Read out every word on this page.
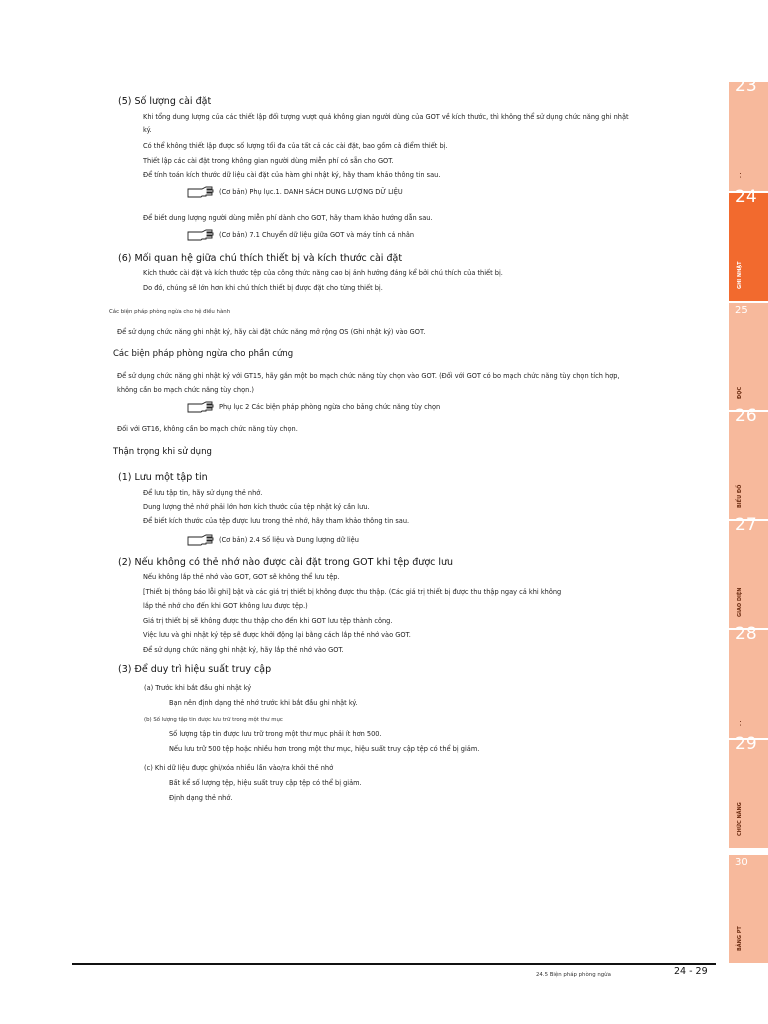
23
. .
24
GHI NHẬT
25
ĐỌC
26
BIỂU ĐỒ
27
GIAO DIỆN
28
. .
29
CHỨC NĂNG
30
BẢNG PT
(5) Số lượng cài đặt
Khi tổng dung lượng của các thiết lập đối tượng vượt quá không gian người dùng của GOT về kích thước, thì không thể sử dụng chức năng ghi nhật
ký.
Có thể không thiết lập được số lượng tối đa của tất cả các cài đặt, bao gồm cả điểm thiết bị.
Thiết lập các cài đặt trong không gian người dùng miễn phí có sẵn cho GOT.
Để tính toán kích thước dữ liệu cài đặt của hàm ghi nhật ký, hãy tham khảo thông tin sau.
(Cơ bản) Phụ lục.1. DANH SÁCH DUNG LƯỢNG DỮ LIỆU
Để biết dung lượng người dùng miễn phí dành cho GOT, hãy tham khảo hướng dẫn sau.
(Cơ bản) 7.1 Chuyển dữ liệu giữa GOT và máy tính cá nhân
(6) Mối quan hệ giữa chú thích thiết bị và kích thước cài đặt
Kích thước cài đặt và kích thước tệp của công thức năng cao bị ảnh hưởng đáng kể bởi chú thích của thiết bị.
Do đó, chúng sẽ lớn hơn khi chú thích thiết bị được đặt cho từng thiết bị.
Các biện pháp phòng ngừa cho hệ điều hành
Để sử dụng chức năng ghi nhật ký, hãy cài đặt chức năng mở rộng OS (Ghi nhật ký) vào GOT.
Các biện pháp phòng ngừa cho phần cứng
Để sử dụng chức năng ghi nhật ký với GT15, hãy gắn một bo mạch chức năng tùy chọn vào GOT. (Đối với GOT có bo mạch chức năng tùy chọn tích hợp,
không cần bo mạch chức năng tùy chọn.)
Phụ lục 2 Các biện pháp phòng ngừa cho bảng chức năng tùy chọn
Đối với GT16, không cần bo mạch chức năng tùy chọn.
Thận trọng khi sử dụng
(1) Lưu một tập tin
Để lưu tập tin, hãy sử dụng thẻ nhớ.
Dung lượng thẻ nhớ phải lớn hơn kích thước của tệp nhật ký cần lưu.
Để biết kích thước của tệp được lưu trong thẻ nhớ, hãy tham khảo thông tin sau.
(Cơ bản) 2.4 Số liệu và Dung lượng dữ liệu
(2) Nếu không có thẻ nhớ nào được cài đặt trong GOT khi tệp được lưu
Nếu không lắp thẻ nhớ vào GOT, GOT sẽ không thể lưu tệp.
[Thiết bị thông báo lỗi ghi] bật và các giá trị thiết bị không được thu thập. (Các giá trị thiết bị được thu thập ngay cả khi không
lắp thẻ nhớ cho đến khi GOT không lưu được tệp.)
Giá trị thiết bị sẽ không được thu thập cho đến khi GOT lưu tệp thành công.
Việc lưu và ghi nhật ký tệp sẽ được khởi động lại bằng cách lắp thẻ nhớ vào GOT.
Để sử dụng chức năng ghi nhật ký, hãy lắp thẻ nhớ vào GOT.
(3) Để duy trì hiệu suất truy cập
(a) Trước khi bắt đầu ghi nhật ký
Bạn nên định dạng thẻ nhớ trước khi bắt đầu ghi nhật ký.
(b) Số lượng tập tin được lưu trữ trong một thư mục
Số lượng tập tin được lưu trữ trong một thư mục phải ít hơn 500.
Nếu lưu trữ 500 tệp hoặc nhiều hơn trong một thư mục, hiệu suất truy cập tệp có thể bị giảm.
(c) Khi dữ liệu được ghi/xóa nhiều lần vào/ra khỏi thẻ nhớ
Bất kể số lượng tệp, hiệu suất truy cập tệp có thể bị giảm.
Định dạng thẻ nhớ.
24.5 Biện pháp phòng ngừa	24 - 29
